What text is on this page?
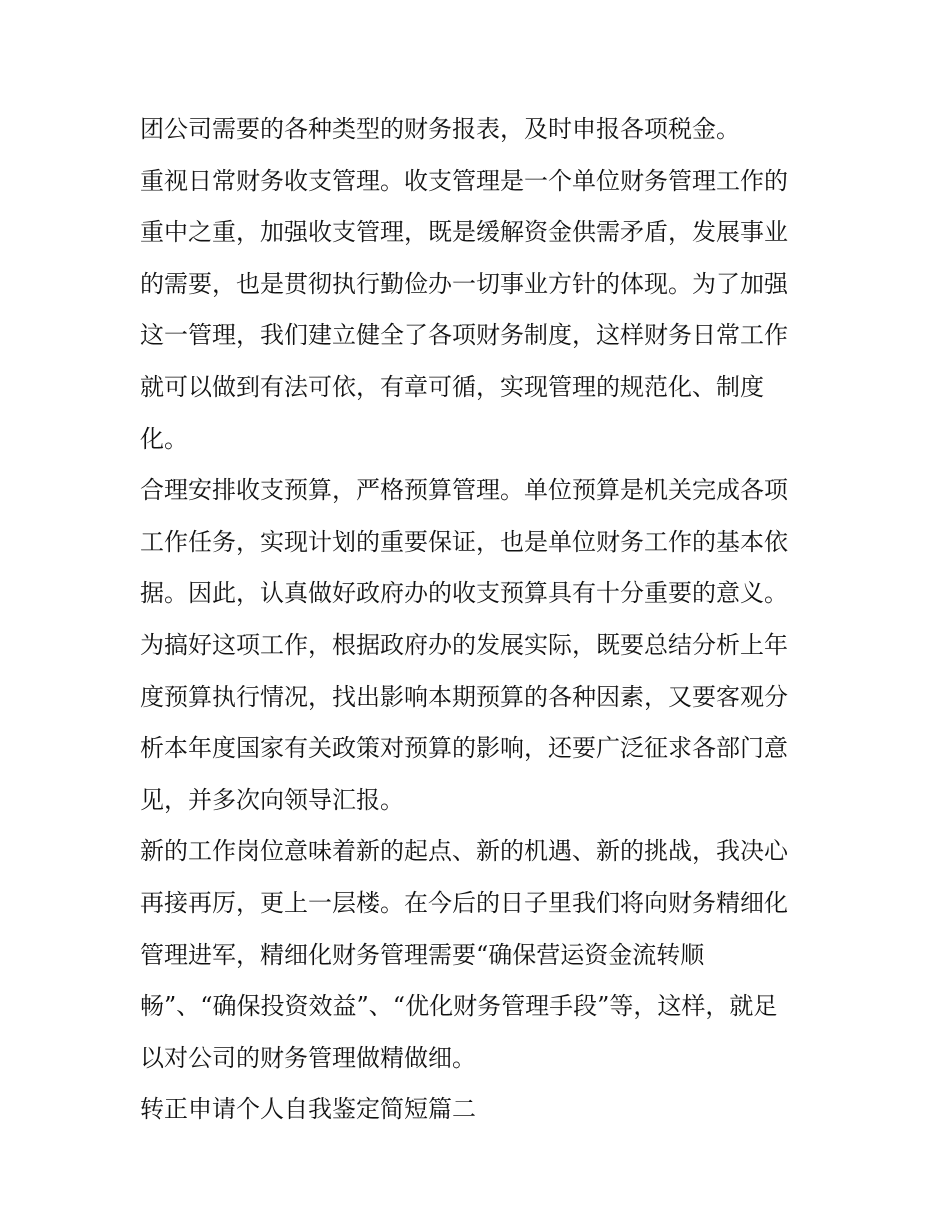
团公司需要的各种类型的财务报表，及时申报各项税金。
重视日常财务收支管理。收支管理是一个单位财务管理工作的
重中之重，加强收支管理，既是缓解资金供需矛盾，发展事业
的需要，也是贯彻执行勤俭办一切事业方针的体现。为了加强
这一管理，我们建立健全了各项财务制度，这样财务日常工作
就可以做到有法可依，有章可循，实现管理的规范化、制度
化。
合理安排收支预算，严格预算管理。单位预算是机关完成各项
工作任务，实现计划的重要保证，也是单位财务工作的基本依
据。因此，认真做好政府办的收支预算具有十分重要的意义。
为搞好这项工作，根据政府办的发展实际，既要总结分析上年
度预算执行情况，找出影响本期预算的各种因素，又要客观分
析本年度国家有关政策对预算的影响，还要广泛征求各部门意
见，并多次向领导汇报。
新的工作岗位意味着新的起点、新的机遇、新的挑战，我决心
再接再厉，更上一层楼。在今后的日子里我们将向财务精细化
管理进军，精细化财务管理需要“确保营运资金流转顺
畅”、“确保投资效益”、“优化财务管理手段”等，这样，就足
以对公司的财务管理做精做细。
转正申请个人自我鉴定简短篇二
